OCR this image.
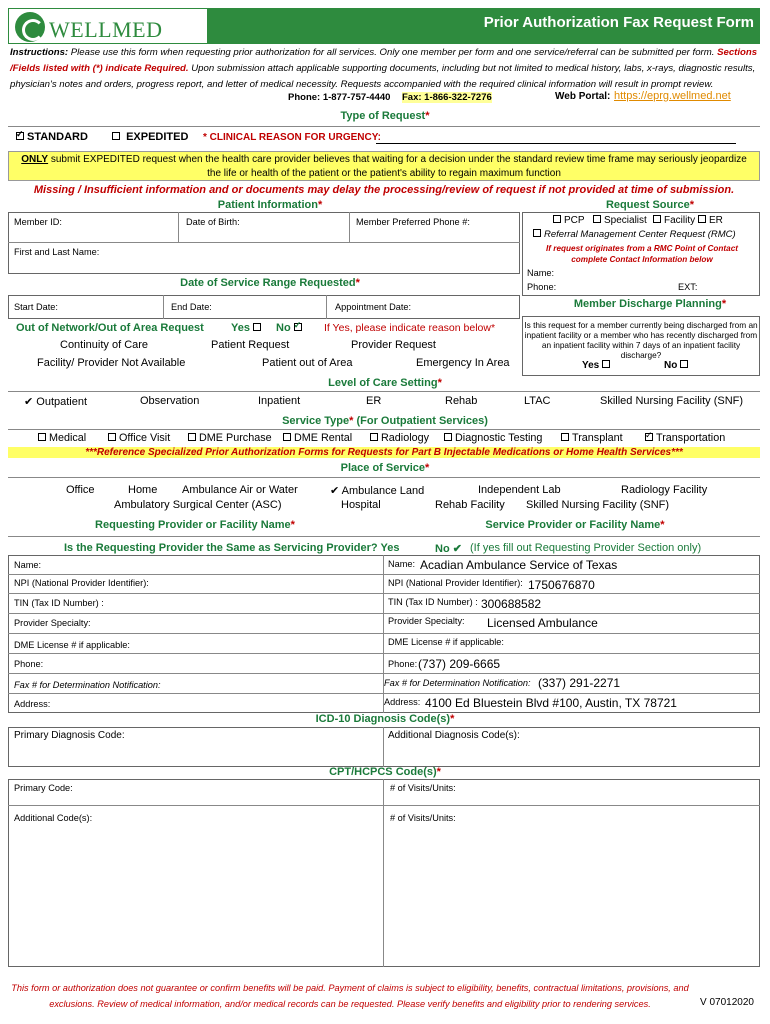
WELLMED	Prior Authorization Fax Request Form
Instructions: Please use this form when requesting prior authorization for all services. Only one member per form and one service/referral can be submitted per form. Sections /Fields listed with (*) indicate Required. Upon submission attach applicable supporting documents, including but not limited to medical history, labs, x-rays, diagnostic results, physician's notes and orders, progress report, and letter of medical necessity. Requests accompanied with the required clinical information will result in prompt review.
Phone: 1-877-757-4440 Fax: 1-866-322-7276	Web Portal: https://eprg.wellmed.net
Type of Request*
✓STANDARD	EXPEDITED * CLINICAL REASON FOR URGENCY:
ONLY submit EXPEDITED request when the health care provider believes that waiting for a decision under the standard review time frame may seriously jeopardize
the life or health of the patient or the patient's ability to regain maximum function
Missing / Insufficient information and or documents may delay the processing/review of request if not provided at time of submission.
Patient Information*	Request Source*
Member ID:	Date of Birth:	Member Preferred Phone #:
First and Last Name:
PCP	Specialist	Facility	ER
Referral Management Center Request (RMC)
If request originates from a RMC Point of Contact complete Contact Information below
Name:
Phone:	EXT:
Date of Service Range Requested*
Start Date:	End Date:	Appointment Date:	Member Discharge Planning*
Is this request for a member currently being discharged from an inpatient facility or a member who has recently discharged from an inpatient facility within 7 days of an inpatient facility discharge?
Yes	No
Out of Network/Out of Area Request Yes	No ✓	If Yes, please indicate reason below*
Continuity of Care	Patient Request	Provider Request
Facility/ Provider Not Available	Patient out of Area	Emergency In Area
Level of Care Setting*
✔ Outpatient	Observation	Inpatient	ER	Rehab	LTAC	Skilled Nursing Facility (SNF)
Service Type* (For Outpatient Services)
Medical	Office Visit	DME Purchase	DME Rental	Radiology	Diagnostic Testing	Transplant ✓	Transportation
***Reference Specialized Prior Authorization Forms for Requests for Part B Injectable Medications or Home Health Services***
Place of Service*
Office	Home Ambulance Air or Water	✔ Ambulance Land	Independent Lab	Radiology Facility
Ambulatory Surgical Center (ASC)	Hospital	Rehab Facility Skilled Nursing Facility (SNF)
Requesting Provider or Facility Name*	Service Provider or Facility Name*
Is the Requesting Provider the Same as Servicing Provider? Yes	No ✔ (If yes fill out Requesting Provider Section only)
Name:
NPI (National Provider Identifier):
TIN (Tax ID Number) :
Provider Specialty:
DME License # if applicable:
Phone:
Fax # for Determination Notification:
Address:
Name: Acadian Ambulance Service of Texas
NPI (National Provider Identifier): 1750676870
TIN (Tax ID Number) : 300688582
Provider Specialty: Licensed Ambulance
DME License # if applicable:
Phone: (737) 209-6665
Fax # for Determination Notification: (337) 291-2271
Address: 4100 Ed Bluestein Blvd #100, Austin, TX 78721
ICD-10 Diagnosis Code(s)*
Primary Diagnosis Code:	Additional Diagnosis Code(s):
CPT/HCPCS Code(s)*
Primary Code:	# of Visits/Units:
Additional Code(s):	# of Visits/Units:
This form or authorization does not guarantee or confirm benefits will be paid. Payment of claims is subject to eligibility, benefits, contractual limitations, provisions, and exclusions. Review of medical information, and/or medical records can be requested. Please verify benefits and eligibility prior to rendering services.	V 07012020
